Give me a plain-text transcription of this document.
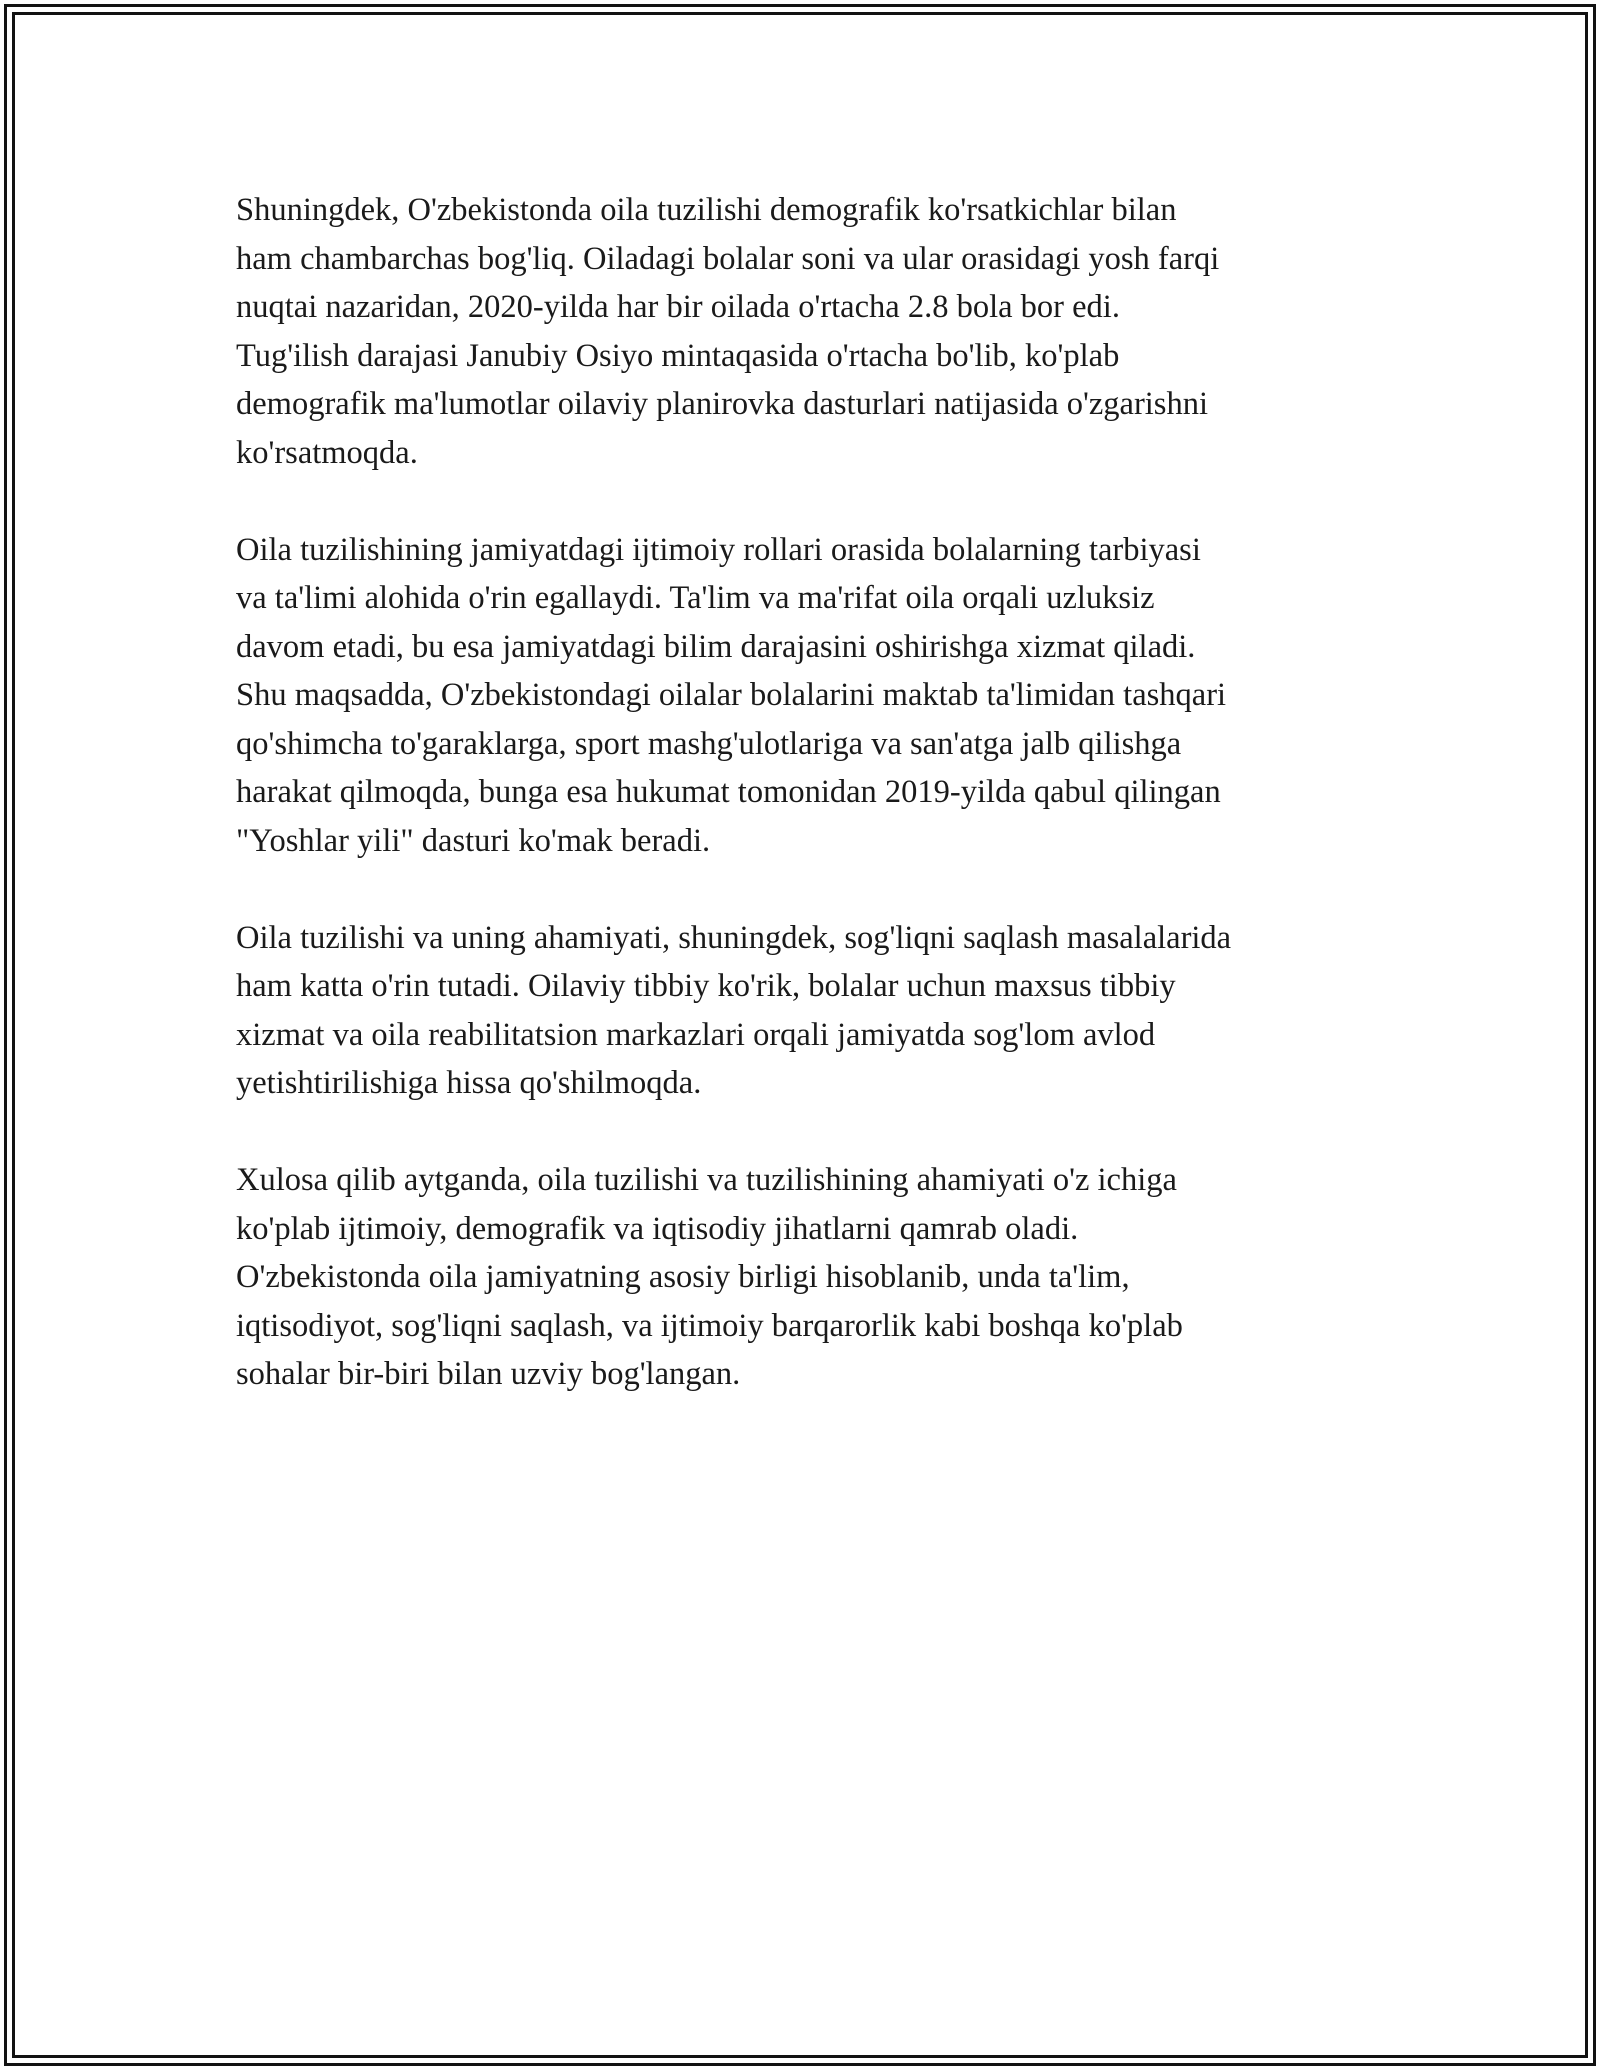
Shuningdek, O'zbekistonda oila tuzilishi demografik ko'rsatkichlar bilan
ham chambarchas bog'liq. Oiladagi bolalar soni va ular orasidagi yosh farqi
nuqtai nazaridan, 2020-yilda har bir oilada o'rtacha 2.8 bola bor edi.
Tug'ilish darajasi Janubiy Osiyo mintaqasida o'rtacha bo'lib, ko'plab
demografik ma'lumotlar oilaviy planirovka dasturlari natijasida o'zgarishni
ko'rsatmoqda.

Oila tuzilishining jamiyatdagi ijtimoiy rollari orasida bolalarning tarbiyasi
va ta'limi alohida o'rin egallaydi. Ta'lim va ma'rifat oila orqali uzluksiz
davom etadi, bu esa jamiyatdagi bilim darajasini oshirishga xizmat qiladi.
Shu maqsadda, O'zbekistondagi oilalar bolalarini maktab ta'limidan tashqari
qo'shimcha to'garaklarga, sport mashg'ulotlariga va san'atga jalb qilishga
harakat qilmoqda, bunga esa hukumat tomonidan 2019-yilda qabul qilingan
"Yoshlar yili" dasturi ko'mak beradi.

Oila tuzilishi va uning ahamiyati, shuningdek, sog'liqni saqlash masalalarida
ham katta o'rin tutadi. Oilaviy tibbiy ko'rik, bolalar uchun maxsus tibbiy
xizmat va oila reabilitatsion markazlari orqali jamiyatda sog'lom avlod
yetishtirilishiga hissa qo'shilmoqda.

Xulosa qilib aytganda, oila tuzilishi va tuzilishining ahamiyati o'z ichiga
ko'plab ijtimoiy, demografik va iqtisodiy jihatlarni qamrab oladi.
O'zbekistonda oila jamiyatning asosiy birligi hisoblanib, unda ta'lim,
iqtisodiyot, sog'liqni saqlash, va ijtimoiy barqarorlik kabi boshqa ko'plab
sohalar bir-biri bilan uzviy bog'langan.
